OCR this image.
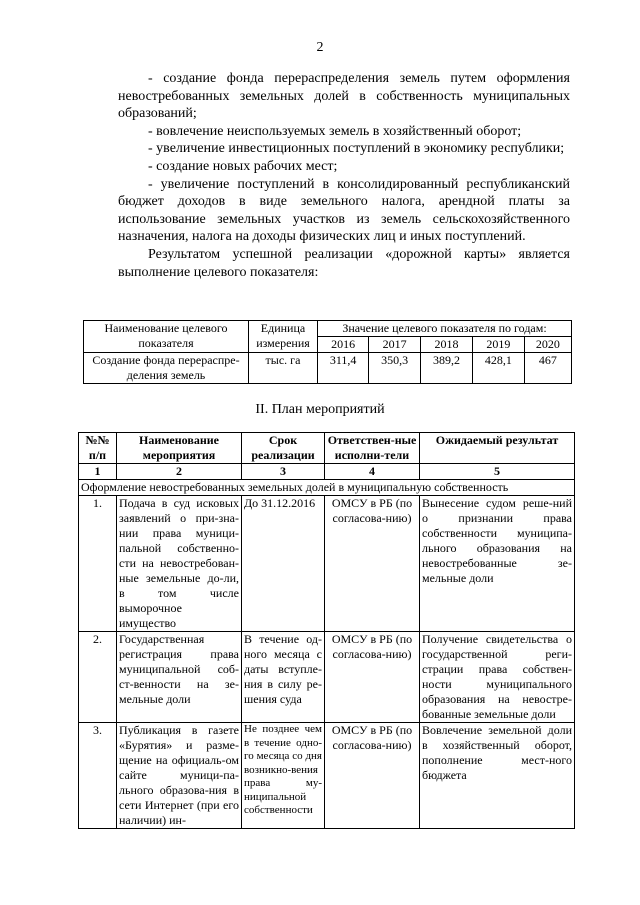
2

- создание фонда перераспределения земель путем оформления невостребованных земельных долей в собственность муниципальных образований;

- вовлечение неиспользуемых земель в хозяйственный оборот;

- увеличение инвестиционных поступлений в экономику республики;

- создание новых рабочих мест;

- увеличение поступлений в консолидированный республиканский бюджет доходов в виде земельного налога, арендной платы за использование земельных участков из земель сельскохозяйственного назначения, налога на доходы физических лиц и иных поступлений.

Результатом успешной реализации «дорожной карты» является выполнение целевого показателя:

Наименование целевого показателя	Единица измерения	Значение целевого показателя по годам:				
		2016	2017	2018	2019	2020
Создание фонда перераспре-деления земель	тыс. га	311,4	350,3	389,2	428,1	467
II. План мероприятий
№№ п/п	Наименование мероприятия	Срок реализации	Ответствен-ные исполни-тели	Ожидаемый результат
1	2	3	4	5
Оформление невостребованных земельных долей в муниципальную собственность				
1.	Подача в суд исковых заявлений о при-зна-нии права муници-пальной собственно-сти на невостребован-ные земельные до-ли, в том числе выморочное имущество	До 31.12.2016	ОМСУ в РБ (по согласова-нию)	Вынесение судом реше-ний о признании права собственности муниципа-льного образования на невостребованные зе-мельные доли
2.	Государственная регистрация права муниципальной соб-ст-венности на зе-мельные доли	В течение од-ного месяца с даты вступле-ния в силу ре-шения суда	ОМСУ в РБ (по согласова-нию)	Получение свидетельства о государственной реги-страции права собствен-ности муниципального образования на невостре-бованные земельные доли
3.	Публикация в газете «Бурятия» и разме-щение на официаль-ом сайте муници-па-льного образова-ния в сети Интернет (при его наличии) ин-	Не позднее чем в течение одно-го месяца со дня возникно-вения права му-ниципальной собственности	ОМСУ в РБ (по согласова-нию)	Вовлечение земельной доли в хозяйственный оборот, пополнение мест-ного бюджета
